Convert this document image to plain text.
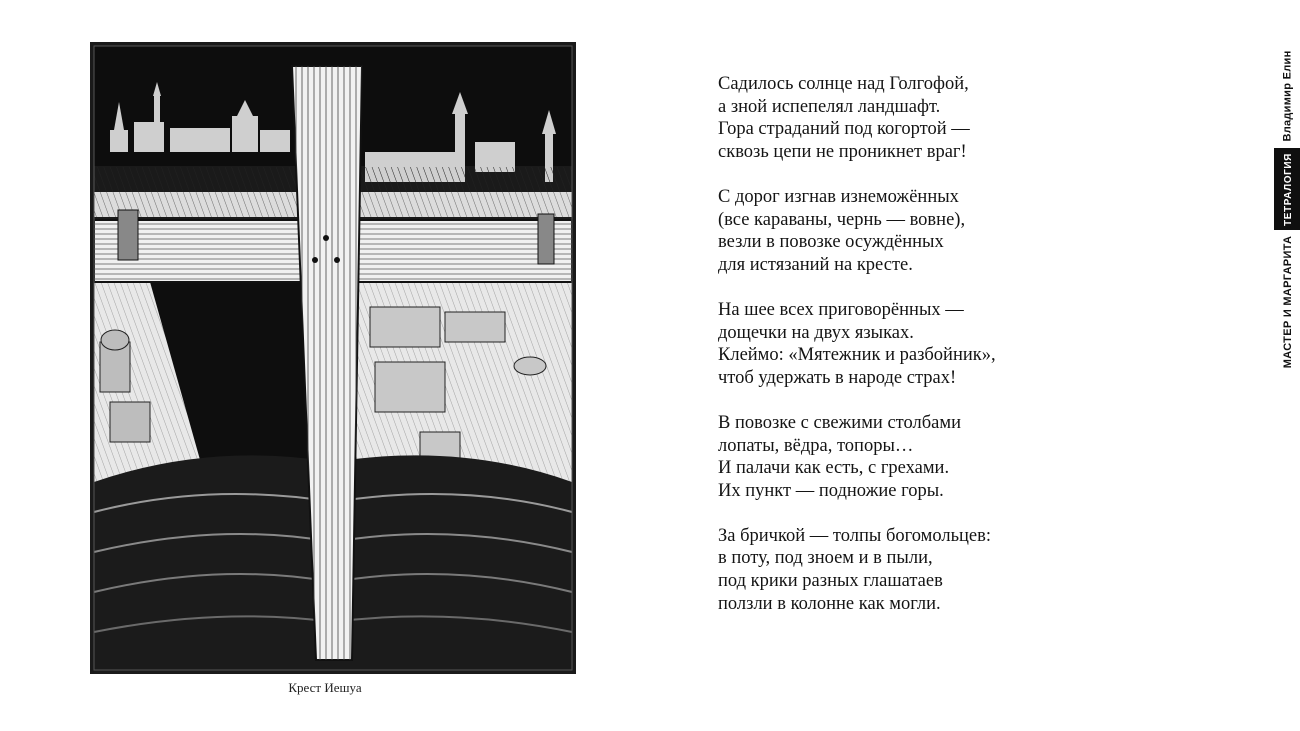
Крест Иешуа
Садилось солнце над Голгофой,
а зной испепелял ландшафт.
Гора страданий под когортой —
сквозь цепи не проникнет враг!
С дорог изгнав изнеможённых
(все караваны, чернь — вовне),
везли в повозке осуждённых
для истязаний на кресте.
На шее всех приговорённых —
дощечки на двух языках.
Клеймо: «Мятежник и разбойник»,
чтоб удержать в народе страх!
В повозке с свежими столбами
лопаты, вёдра, топоры…
И палачи как есть, с грехами.
Их пункт — подножие горы.
За бричкой — толпы богомольцев:
в поту, под зноем и в пыли,
под крики разных глашатаев
ползли в колонне как могли.
Владимир Елин
ТЕТРАЛОГИЯ
МАСТЕР И МАРГАРИТА
